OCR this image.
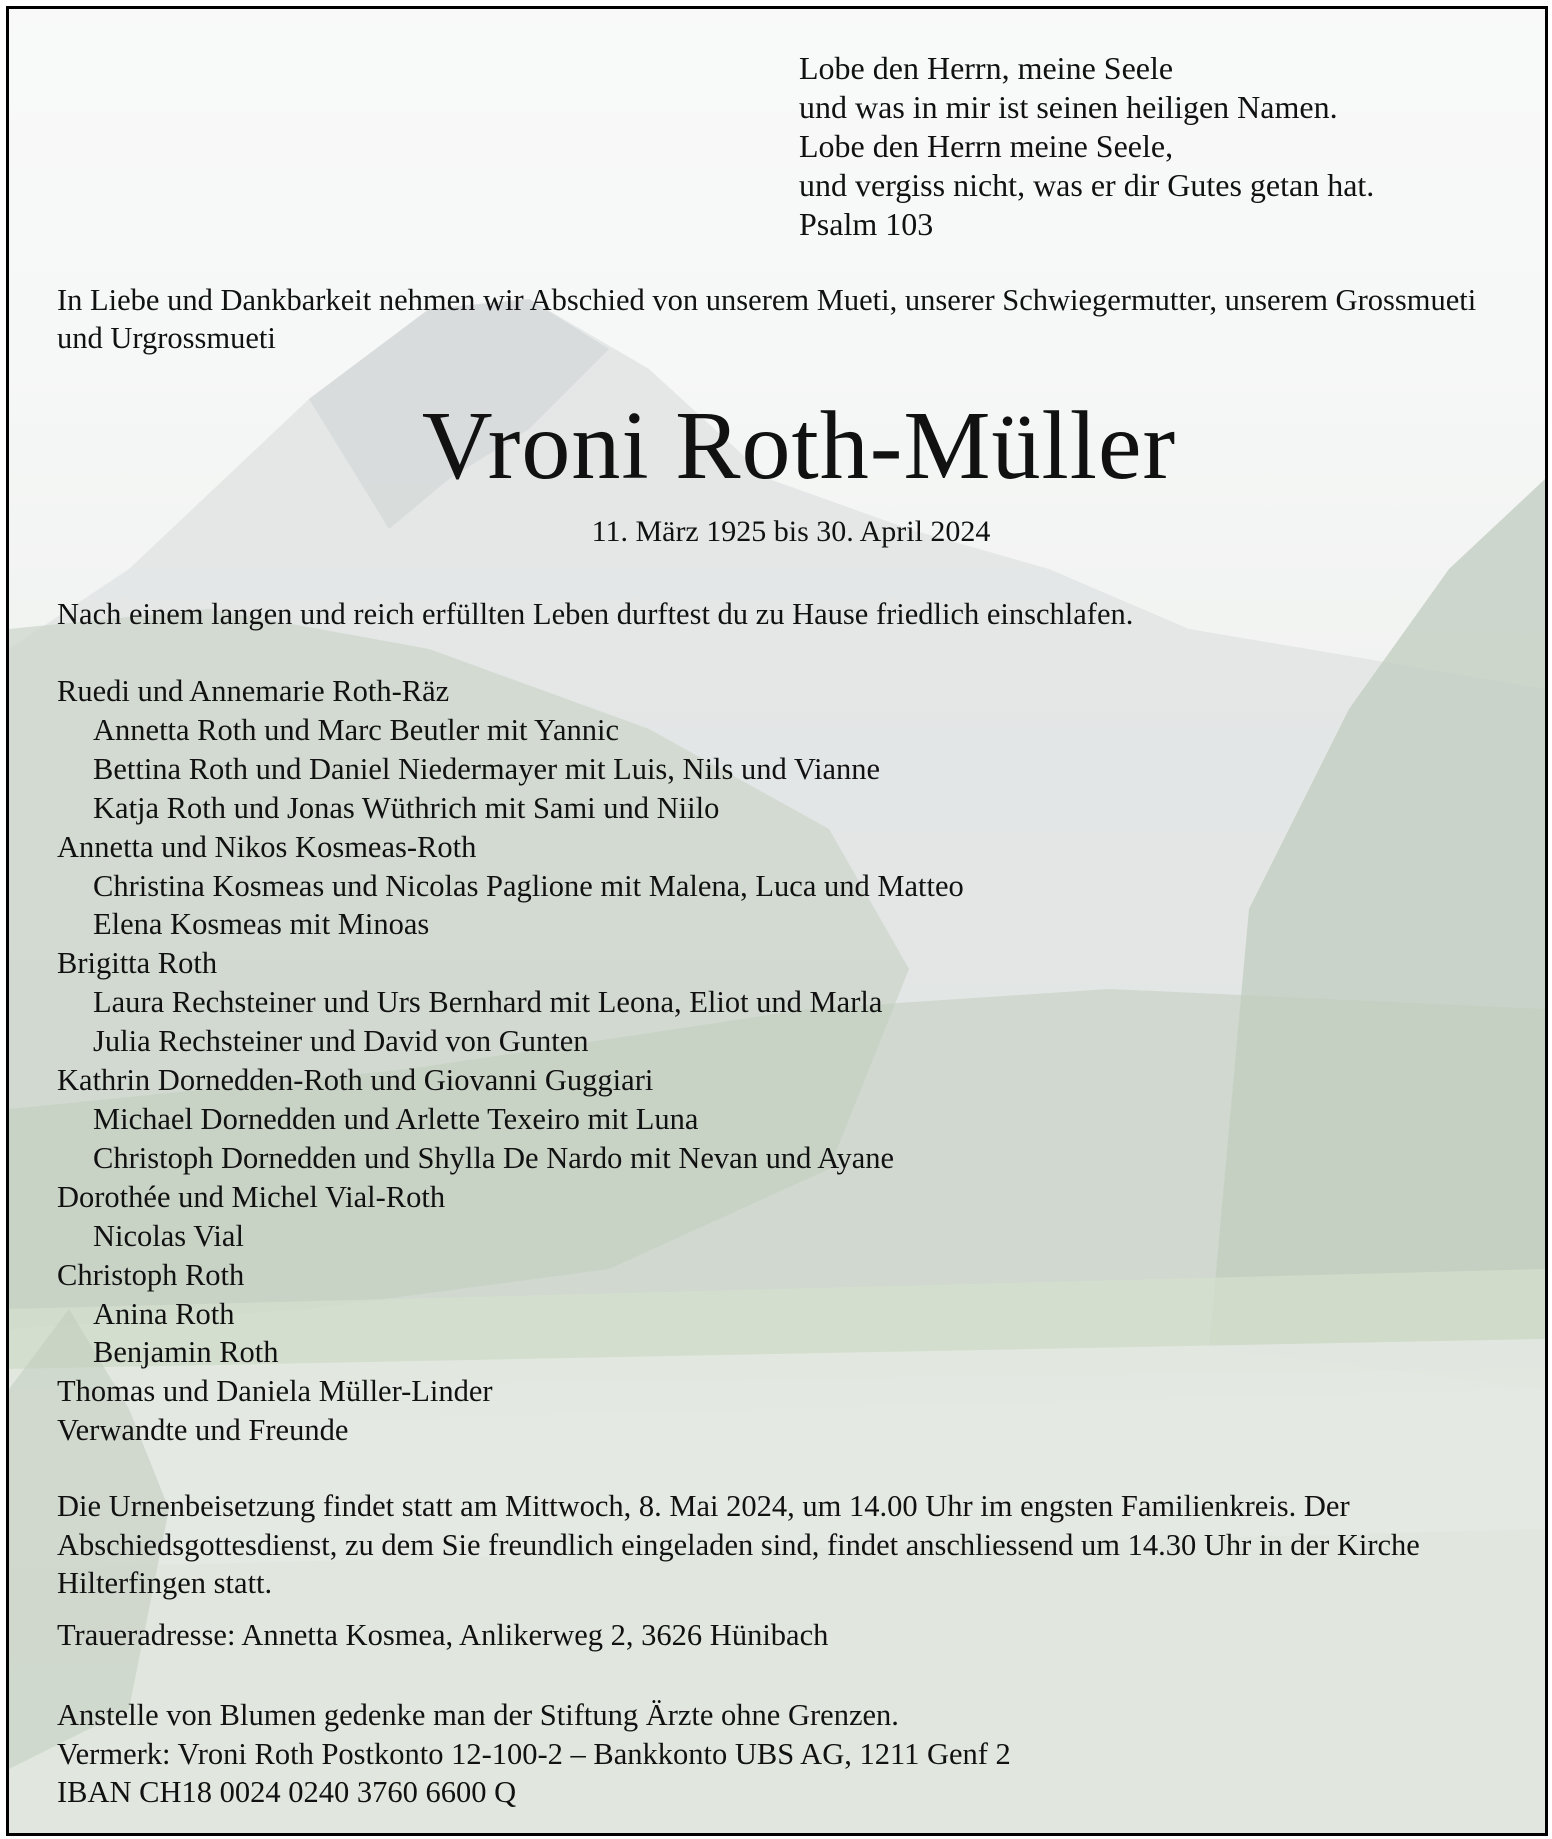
Lobe den Herrn, meine Seele
und was in mir ist seinen heiligen Namen.
Lobe den Herrn meine Seele,
und vergiss nicht, was er dir Gutes getan hat.
Psalm 103
In Liebe und Dankbarkeit nehmen wir Abschied von unserem Mueti, unserer Schwiegermutter, unserem Grossmueti und Urgrossmueti
Vroni Roth-Müller
11. März 1925 bis 30. April 2024
Nach einem langen und reich erfüllten Leben durftest du zu Hause friedlich einschlafen.
Ruedi und Annemarie Roth-Räz
Annetta Roth und Marc Beutler mit Yannic
Bettina Roth und Daniel Niedermayer mit Luis, Nils und Vianne
Katja Roth und Jonas Wüthrich mit Sami und Niilo
Annetta und Nikos Kosmeas-Roth
Christina Kosmeas und Nicolas Paglione mit Malena, Luca und Matteo
Elena Kosmeas mit Minoas
Brigitta Roth
Laura Rechsteiner und Urs Bernhard mit Leona, Eliot und Marla
Julia Rechsteiner und David von Gunten
Kathrin Dornedden-Roth und Giovanni Guggiari
Michael Dornedden und Arlette Texeiro mit Luna
Christoph Dornedden und Shylla De Nardo mit Nevan und Ayane
Dorothée und Michel Vial-Roth
Nicolas Vial
Christoph Roth
Anina Roth
Benjamin Roth
Thomas und Daniela Müller-Linder
Verwandte und Freunde
Die Urnenbeisetzung findet statt am Mittwoch, 8. Mai 2024, um 14.00 Uhr im engsten Familienkreis. Der Abschiedsgottesdienst, zu dem Sie freundlich eingeladen sind, findet anschliessend um 14.30 Uhr in der Kirche Hilterfingen statt.
Traueradresse: Annetta Kosmea, Anlikerweg 2, 3626 Hünibach
Anstelle von Blumen gedenke man der Stiftung Ärzte ohne Grenzen.
Vermerk: Vroni Roth Postkonto 12-100-2 – Bankkonto UBS AG, 1211 Genf 2
IBAN CH18 0024 0240 3760 6600 Q
